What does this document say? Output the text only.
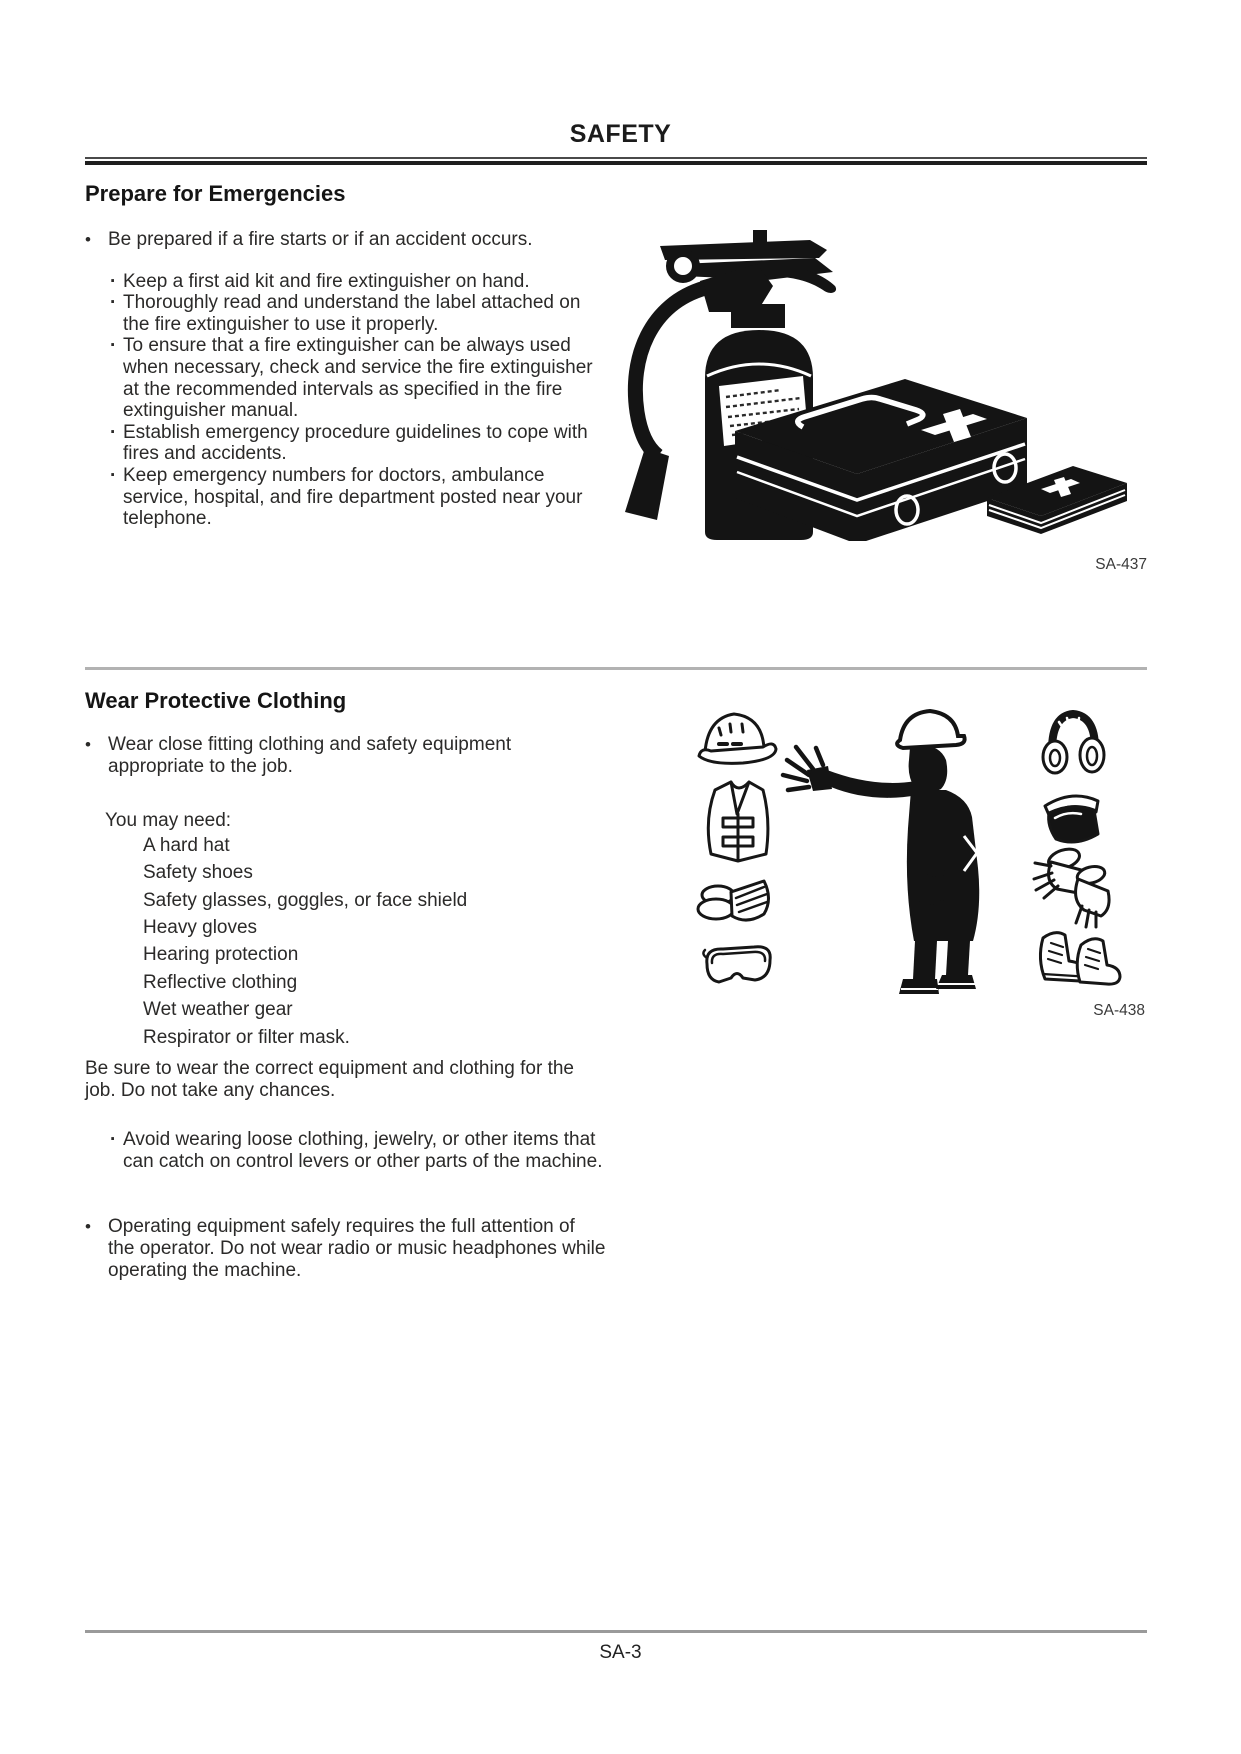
SAFETY
Prepare for Emergencies
• Be prepared if a fire starts or if an accident occurs.
· Keep a first aid kit and fire extinguisher on hand.
· Thoroughly read and understand the label attached on
the fire extinguisher to use it properly.
· To ensure that a fire extinguisher can be always used
when necessary, check and service the fire extinguisher
at the recommended intervals as specified in the fire
extinguisher manual.
· Establish emergency procedure guidelines to cope with
fires and accidents.
· Keep emergency numbers for doctors, ambulance
service, hospital, and fire department posted near your
telephone.
SA-437
Wear Protective Clothing
• Wear close fitting clothing and safety equipment
appropriate to the job.
You may need:
A hard hat
Safety shoes
Safety glasses, goggles, or face shield
Heavy gloves
Hearing protection
Reflective clothing
Wet weather gear
Respirator or filter mask.
Be sure to wear the correct equipment and clothing for the
job. Do not take any chances.
· Avoid wearing loose clothing, jewelry, or other items that
can catch on control levers or other parts of the machine.
• Operating equipment safely requires the full attention of
the operator. Do not wear radio or music headphones while
operating the machine.
SA-438
SA-3
